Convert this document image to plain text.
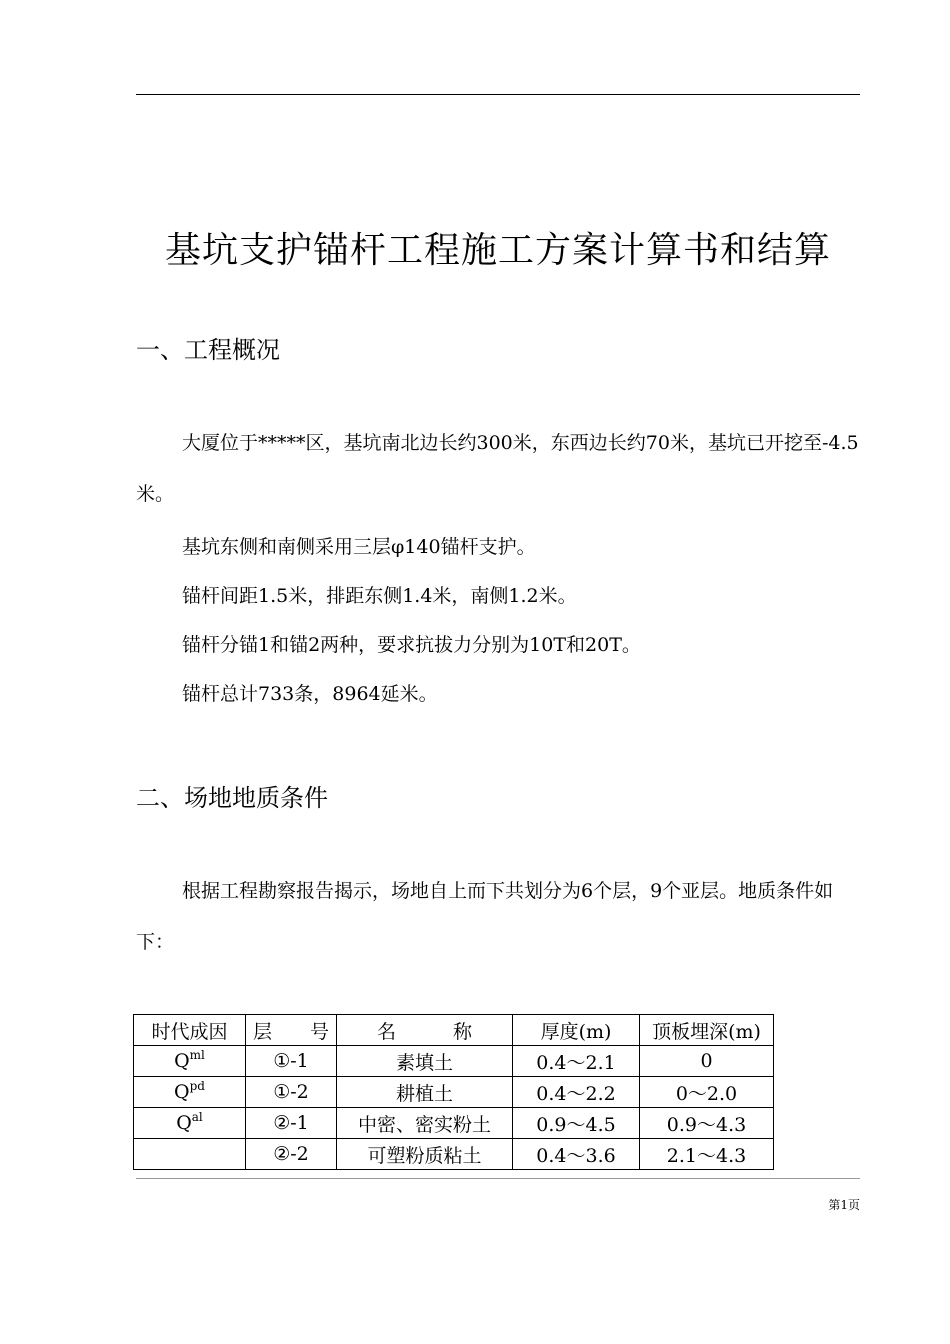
基坑支护锚杆工程施工方案计算书和结算
一、工程概况

大厦位于*****区，基坑南北边长约300米，东西边长约70米，基坑已开挖至-4.5米。

基坑东侧和南侧采用三层φ140锚杆支护。
锚杆间距1.5米，排距东侧1.4米，南侧1.2米。
锚杆分锚1和锚2两种，要求抗拔力分别为10T和20T。
锚杆总计733条，8964延米。
二、场地地质条件

根据工程勘察报告揭示，场地自上而下共划分为6个层，9个亚层。地质条件如下：

时代成因	层　　号	名　　　称	厚度(m)	顶板埋深(m)
$Q^{ml}$	①-1	素填土	0.4～2.1	0
$Q^{pd}$	①-2	耕植土	0.4～2.2	0～2.0
$Q^{al}$	②-1	中密、密实粉土	0.9～4.5	0.9～4.3
	②-2	可塑粉质粘土	0.4～3.6	2.1～4.3
第1页
